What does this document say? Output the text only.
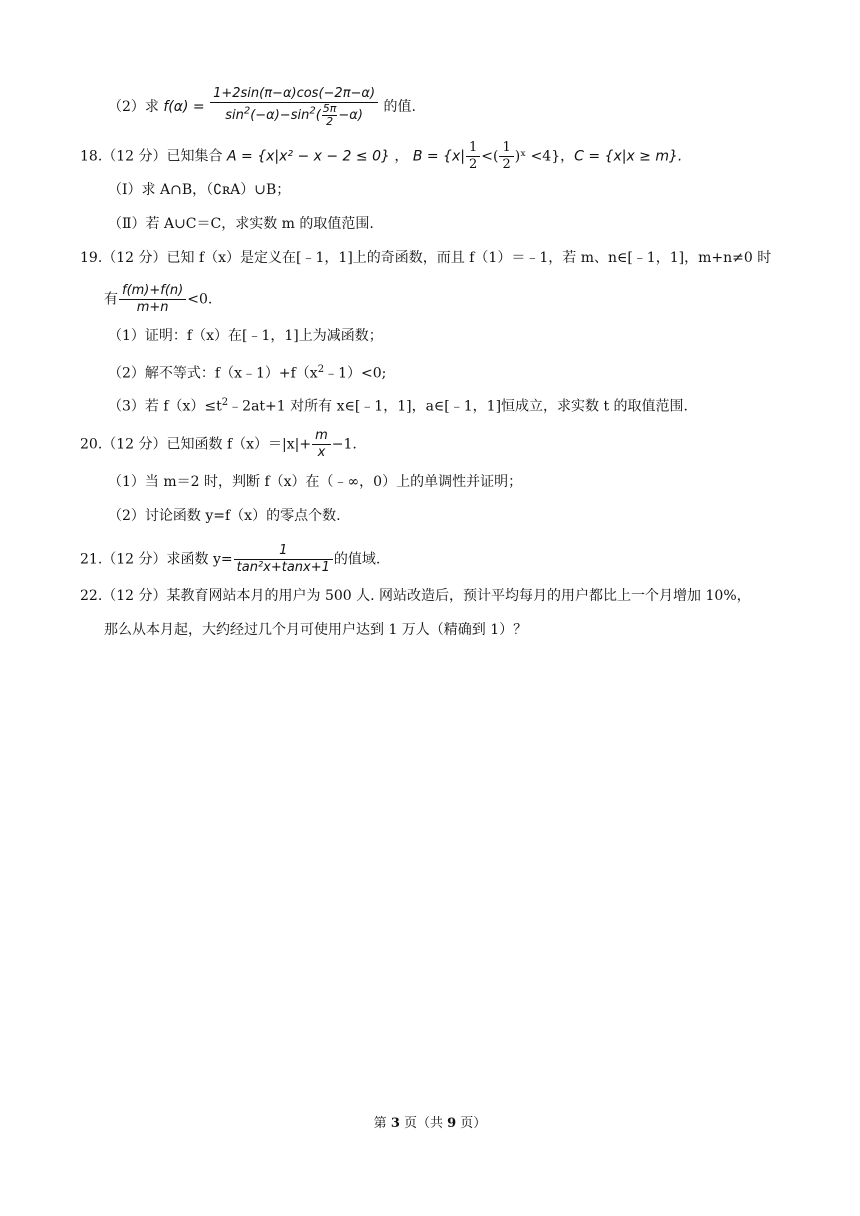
（2）求 $f(\alpha) = \frac{1+2\sin(\pi-\alpha)\cos(-2\pi-\alpha)}{\sin^2(-\alpha)-\sin^2( \frac{5\pi}{2} -\alpha)}$ 的值.
18.（12 分）已知集合 A = {x|x² − x − 2 ≤ 0} ， $B = \{x| \frac{1}{2}$ <( $\frac{1}{2}$ )ˣ <4}，C = {x|x ≥ m}.
（Ⅰ）求 A∩B，（∁ʀA）∪B；
（Ⅱ）若 A∪C＝C，求实数 m 的取值范围.
19.（12 分）已知 f（x）是定义在[﹣1，1]上的奇函数，而且 f（1）＝﹣1，若 m、n∈[﹣1，1]，m+n≠0 时
有 $\frac{f(m)+f(n)}{m+n} <0$.
（1）证明：f（x）在[﹣1，1]上为减函数；
（2）解不等式：$f(x﹣1)+f(x^2﹣1)<0$;
（3）若 $f(x)\le t^2﹣2at+1$ 对所有 x∈[﹣1，1]，a∈[﹣1，1]恒成立，求实数 t 的取值范围.
20.（12 分）已知函数 $f(x)=|x|+ \frac{m}{x} -1$.
（1）当 m＝2 时，判断 f（x）在（﹣∞，0）上的单调性并证明；
（2）讨论函数 y=f（x）的零点个数.
21.（12 分）求函数 $y= \frac{1}{\text{tan²x+tanx+1}}$ 的值域.
22.（12 分）某教育网站本月的用户为 500 人. 网站改造后，预计平均每月的用户都比上一个月增加 10%，
那么从本月起，大约经过几个月可使用户达到 1 万人（精确到 1）？
第 3 页（共 9 页）
